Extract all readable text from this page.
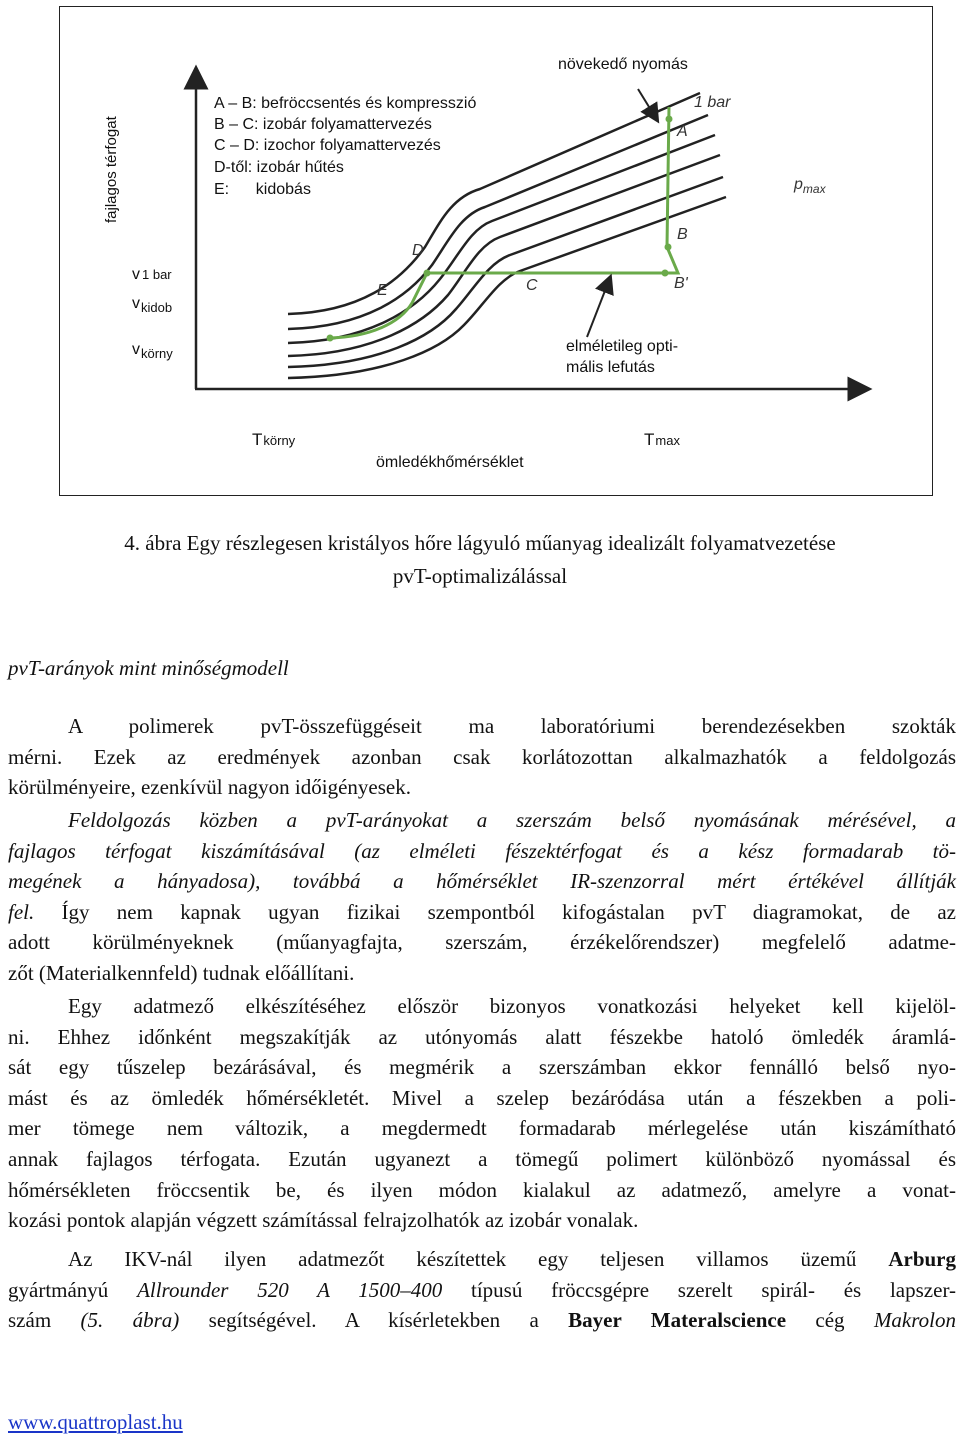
A – B: befröccsentés és kompresszió
B – C: izobár folyamattervezés
C – D: izochor folyamattervezés
D-től: izobár hűtés
E:      kidobás
fajlagos térfogat
v 1 bar
$v_{kidob}$
$v_{körny}$
Tkörny	Tmax
ömledékhőmérséklet
növekedő nyomás
elméletileg opti-mális lefutás
1 bar
$p_{max}$
A
B
B'
C
D
E
4. ábra Egy részlegesen kristályos hőre lágyuló műanyag idealizált folyamatvezetése
pvT-optimalizálással
pvT-arányok mint minőségmodell
A polimerek pvT-összefüggéseit ma laboratóriumi berendezésekben szokták
mérni. Ezek az eredmények azonban csak korlátozottan alkalmazhatók a feldolgozás
körülményeire, ezenkívül nagyon időigényesek.
Feldolgozás közben a pvT-arányokat a szerszám belső nyomásának mérésével, a
fajlagos térfogat kiszámításával (az elméleti fészektérfogat és a kész formadarab tö-
megének a hányadosa), továbbá a hőmérséklet IR-szenzorral mért értékével állítják
fel. Így nem kapnak ugyan fizikai szempontból kifogástalan pvT diagramokat, de az
adott körülményeknek (műanyagfajta, szerszám, érzékelőrendszer) megfelelő adatme-
zőt (Materialkennfeld) tudnak előállítani.
Egy adatmező elkészítéséhez először bizonyos vonatkozási helyeket kell kijelöl-
ni. Ehhez időnként megszakítják az utónyomás alatt fészekbe hatoló ömledék áramlá-
sát egy tűszelep bezárásával, és megmérik a szerszámban ekkor fennálló belső nyo-
mást és az ömledék hőmérsékletét. Mivel a szelep bezáródása után a fészekben a poli-
mer tömege nem változik, a megdermedt formadarab mérlegelése után kiszámítható
annak fajlagos térfogata. Ezután ugyanezt a tömegű polimert különböző nyomással és
hőmérsékleten fröccsentik be, és ilyen módon kialakul az adatmező, amelyre a vonat-
kozási pontok alapján végzett számítással felrajzolhatók az izobár vonalak.
Az IKV-nál ilyen adatmezőt készítettek egy teljesen villamos üzemű Arburg
gyártmányú Allrounder 520 A 1500–400 típusú fröccsgépre szerelt spirál- és lapszer-
szám (5. ábra) segítségével. A kísérletekben a Bayer Materalscience cég Makrolon
www.quattroplast.hu
